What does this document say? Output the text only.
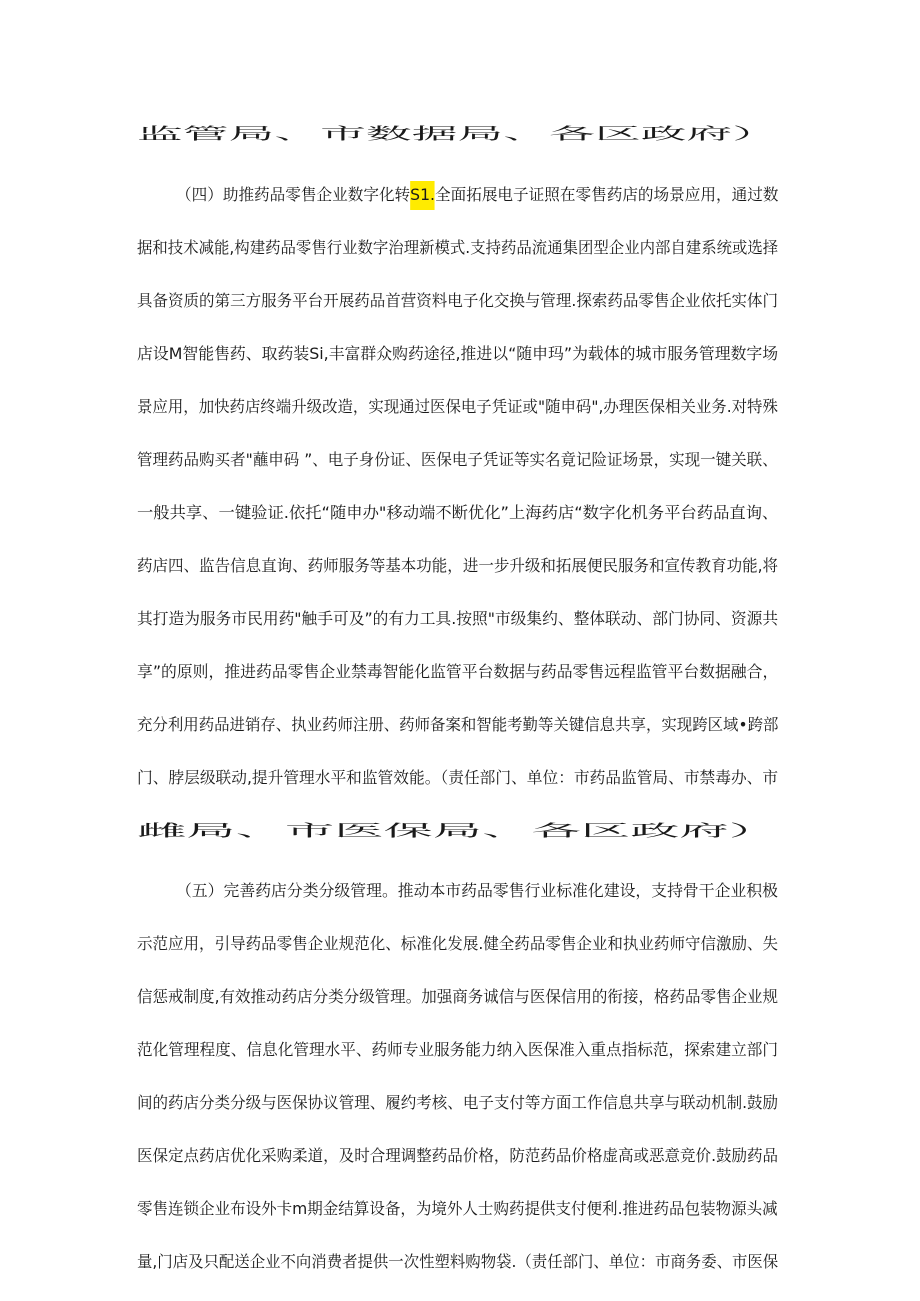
监管局、市数据局、各区政府）
（四）助推药品零售企业数字化转S1.全面拓展电子证照在零售药店的场景应用，通过数
据和技术减能,构建药品零售行业数字治理新模式.支持药品流通集团型企业内部自建系统或选择
具备资质的第三方服务平台开展药品首营资料电子化交换与管理.探索药品零售企业依托实体门
店设M智能售药、取药装Si,丰富群众购药途径,推进以“随申玛”为载体的城市服务管理数字场
景应用，加快药店终端升级改造，实现通过医保电子凭证或"随申码",办理医保相关业务.对特殊
管理药品购买者"蘸申码 ”、电子身份证、医保电子凭证等实名竟记险证场景，实现一键关联、
一般共享、一键验证.依托“随申办"移动端不断优化”上海药店“数字化机务平台药品直询、
药店四、监告信息直询、药师服务等基本功能，进一步升级和拓展便民服务和宣传教育功能,将
其打造为服务市民用药"触手可及”的有力工具.按照"市级集约、整体联动、部门协同、资源共
享”的原则，推进药品零售企业禁毒智能化监管平台数据与药品零售远程监管平台数据融合，
充分利用药品进销存、执业药师注册、药师备案和智能考勤等关键信息共享，实现跨区域•跨部
门、脖层级联动,提升管理水平和监管效能。（责任部门、单位：市药品监管局、市禁毒办、市
雌局、市医保局、各区政府）
（五）完善药店分类分级管理。推动本市药品零售行业标准化建设，支持骨干企业积极
示范应用，引导药品零售企业规范化、标准化发展.健全药品零售企业和执业药师守信激励、失
信惩戒制度,有效推动药店分类分级管理。加强商务诚信与医保信用的衔接，格药品零售企业规
范化管理程度、信息化管理水平、药师专业服务能力纳入医保准入重点指标范，探索建立部门
间的药店分类分级与医保协议管理、履约考核、电子支付等方面工作信息共享与联动机制.鼓励
医保定点药店优化采购柔道，及时合理调整药品价格，防范药品价格虚高或恶意竞价.鼓励药品
零售连锁企业布设外卡m期金结算设备，为境外人士购药提供支付便利.推进药品包装物源头减
量,门店及只配送企业不向消费者提供一次性塑料购物袋.（责任部门、单位：市商务委、市医保
